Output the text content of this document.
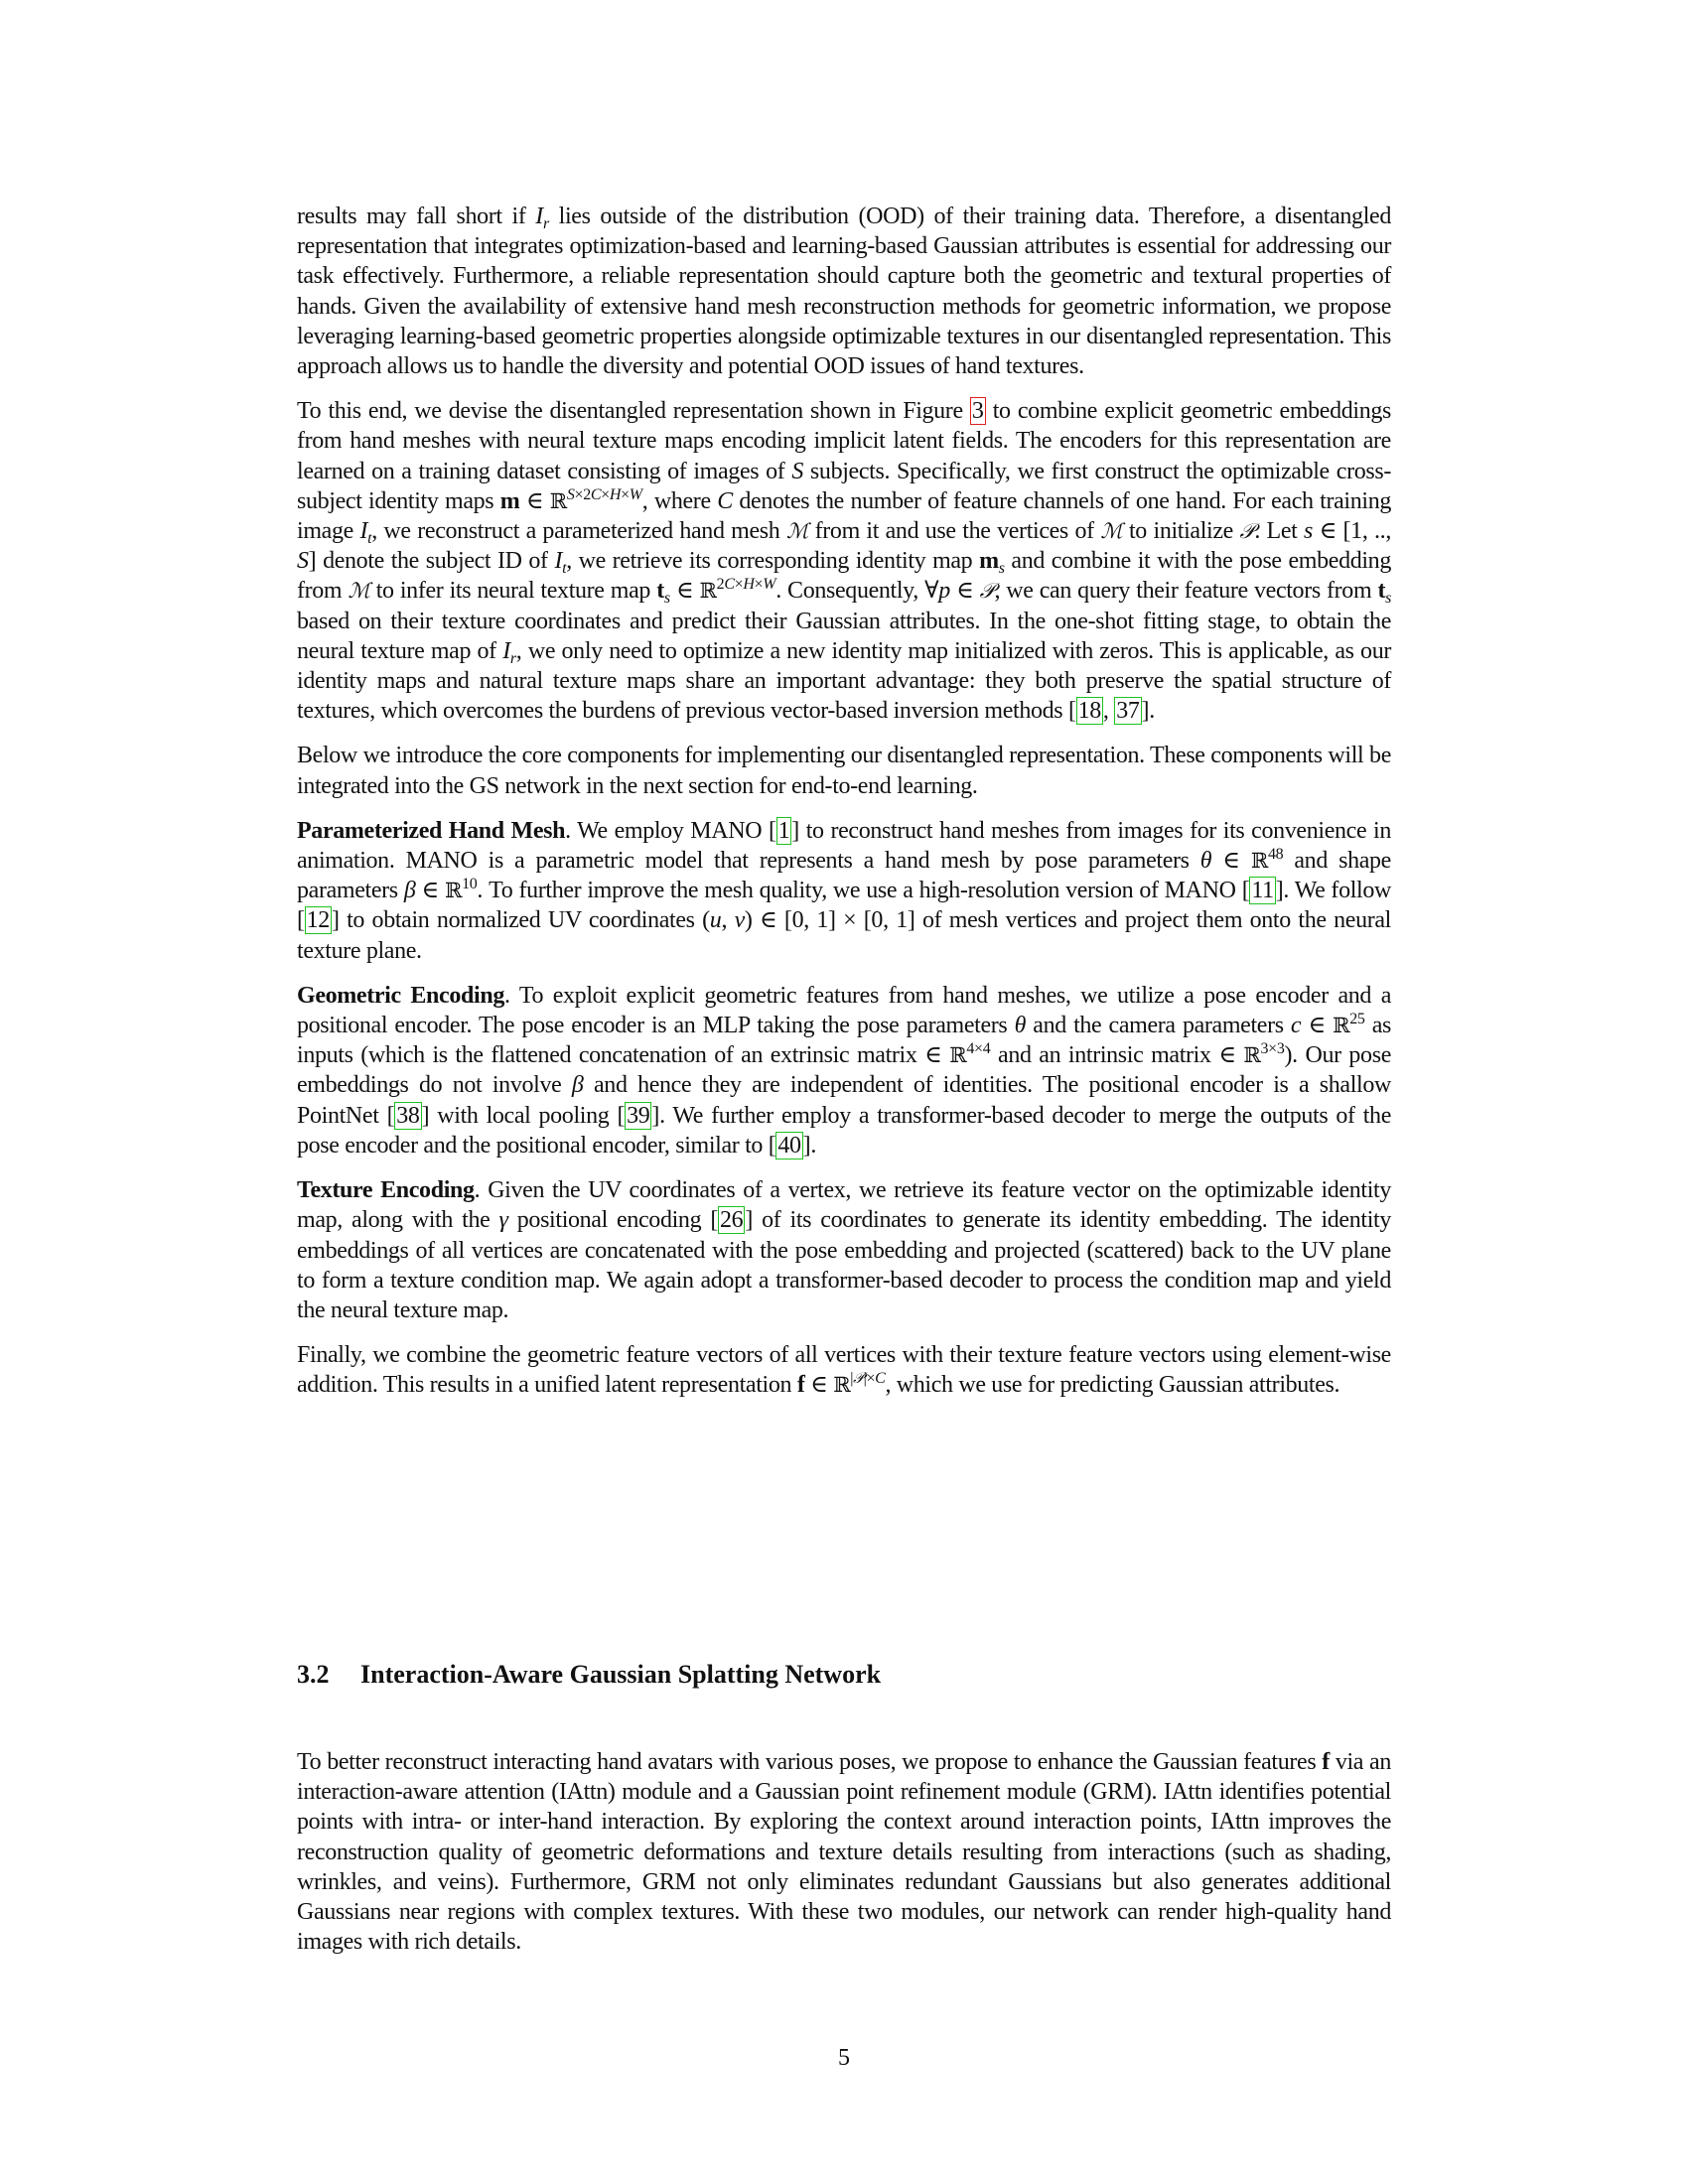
results may fall short if $I_r$ lies outside of the distribution (OOD) of their training data. Therefore, a disentangled representation that integrates optimization-based and learning-based Gaussian attributes is essential for addressing our task effectively. Furthermore, a reliable representation should capture both the geometric and textural properties of hands. Given the availability of extensive hand mesh reconstruction methods for geometric information, we propose leveraging learning-based geometric properties alongside optimizable textures in our disentangled representation. This approach allows us to handle the diversity and potential OOD issues of hand textures.

To this end, we devise the disentangled representation shown in Figure 3 to combine explicit geometric embeddings from hand meshes with neural texture maps encoding implicit latent fields. The encoders for this representation are learned on a training dataset consisting of images of S subjects. Specifically, we first construct the optimizable cross-subject identity maps m ∈ ℝ$^{S\times 2C\times H\times W}$, where C denotes the number of feature channels of one hand. For each training image $I_t$, we reconstruct a parameterized hand mesh ℳ from it and use the vertices of ℳ to initialize 𝒫. Let s ∈ [1, .., S] denote the subject ID of $I_t$, we retrieve its corresponding identity map $m_s$ and combine it with the pose embedding from ℳ to infer its neural texture map $t_s$ ∈ ℝ$^{2C\times H\times W}$. Consequently, ∀p ∈ 𝒫, we can query their feature vectors from $t_s$ based on their texture coordinates and predict their Gaussian attributes. In the one-shot fitting stage, to obtain the neural texture map of $I_r$, we only need to optimize a new identity map initialized with zeros. This is applicable, as our identity maps and natural texture maps share an important advantage: they both preserve the spatial structure of textures, which overcomes the burdens of previous vector-based inversion methods [18, 37].

Below we introduce the core components for implementing our disentangled representation. These components will be integrated into the GS network in the next section for end-to-end learning.

Parameterized Hand Mesh. We employ MANO [1] to reconstruct hand meshes from images for its convenience in animation. MANO is a parametric model that represents a hand mesh by pose parameters θ ∈ ℝ$^{48}$ and shape parameters β ∈ ℝ$^{10}$. To further improve the mesh quality, we use a high-resolution version of MANO [11]. We follow [12] to obtain normalized UV coordinates (u, v) ∈ [0, 1] × [0, 1] of mesh vertices and project them onto the neural texture plane.

Geometric Encoding. To exploit explicit geometric features from hand meshes, we utilize a pose encoder and a positional encoder. The pose encoder is an MLP taking the pose parameters θ and the camera parameters c ∈ ℝ$^{25}$ as inputs (which is the flattened concatenation of an extrinsic matrix ∈ ℝ$^{4\times 4}$ and an intrinsic matrix ∈ ℝ$^{3\times 3}$). Our pose embeddings do not involve β and hence they are independent of identities. The positional encoder is a shallow PointNet [38] with local pooling [39]. We further employ a transformer-based decoder to merge the outputs of the pose encoder and the positional encoder, similar to [40].

Texture Encoding. Given the UV coordinates of a vertex, we retrieve its feature vector on the optimizable identity map, along with the γ positional encoding [26] of its coordinates to generate its identity embedding. The identity embeddings of all vertices are concatenated with the pose embedding and projected (scattered) back to the UV plane to form a texture condition map. We again adopt a transformer-based decoder to process the condition map and yield the neural texture map.

Finally, we combine the geometric feature vectors of all vertices with their texture feature vectors using element-wise addition. This results in a unified latent representation f ∈ ℝ$^{|𝒫|\times C}$, which we use for predicting Gaussian attributes.

3.2 Interaction-Aware Gaussian Splatting Network

To better reconstruct interacting hand avatars with various poses, we propose to enhance the Gaussian features f via an interaction-aware attention (IAttn) module and a Gaussian point refinement module (GRM). IAttn identifies potential points with intra- or inter-hand interaction. By exploring the context around interaction points, IAttn improves the reconstruction quality of geometric deformations and texture details resulting from interactions (such as shading, wrinkles, and veins). Furthermore, GRM not only eliminates redundant Gaussians but also generates additional Gaussians near regions with complex textures. With these two modules, our network can render high-quality hand images with rich details.

5
